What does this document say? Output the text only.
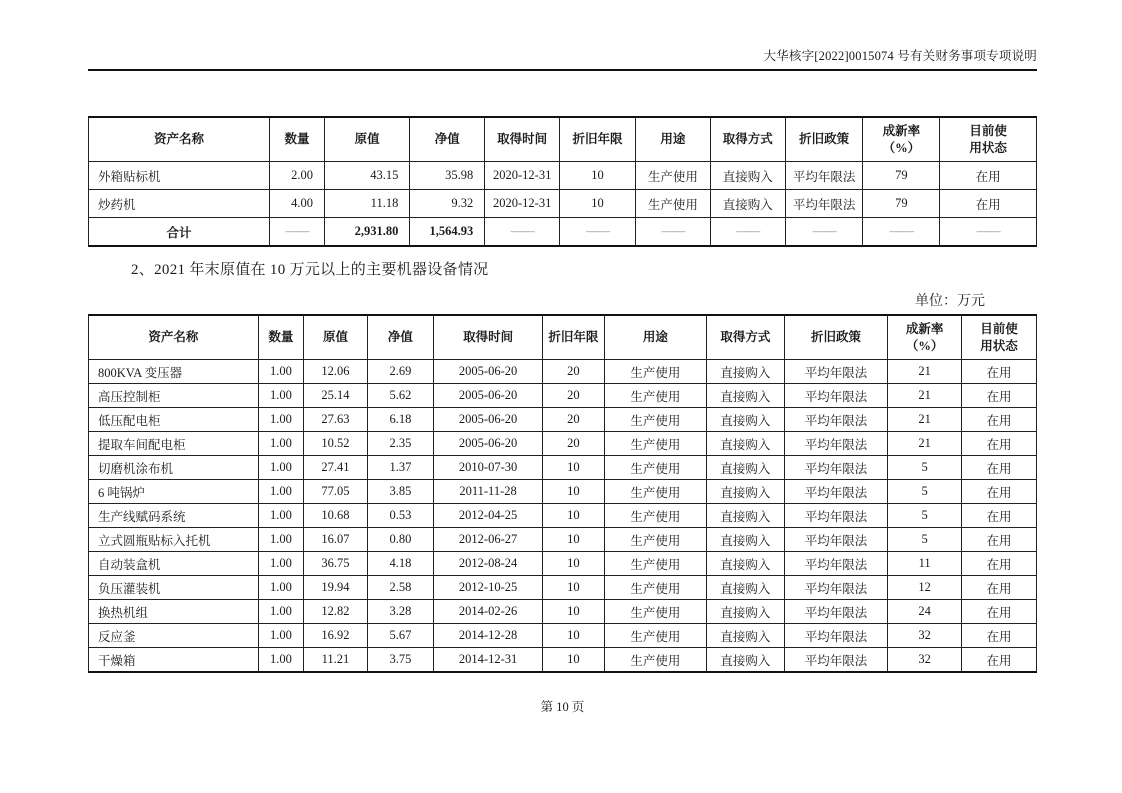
大华核字[2022]0015074 号有关财务事项专项说明
资产名称	数量	原值	净值	取得时间	折旧年限	用途	取得方式	折旧政策	成新率（%）	目前使用状态
外箱贴标机	2.00	43.15	35.98	2020-12-31	10	生产使用	直接购入	平均年限法	79	在用
炒药机	4.00	11.18	9.32	2020-12-31	10	生产使用	直接购入	平均年限法	79	在用
合计	——	2,931.80	1,564.93	——	——	——	——	——	——	——
2、2021 年末原值在 10 万元以上的主要机器设备情况
单位：万元
资产名称	数量	原值	净值	取得时间	折旧年限	用途	取得方式	折旧政策	成新率（%）	目前使用状态
800KVA 变压器	1.00	12.06	2.69	2005-06-20	20	生产使用	直接购入	平均年限法	21	在用
高压控制柜	1.00	25.14	5.62	2005-06-20	20	生产使用	直接购入	平均年限法	21	在用
低压配电柜	1.00	27.63	6.18	2005-06-20	20	生产使用	直接购入	平均年限法	21	在用
提取车间配电柜	1.00	10.52	2.35	2005-06-20	20	生产使用	直接购入	平均年限法	21	在用
切磨机涂布机	1.00	27.41	1.37	2010-07-30	10	生产使用	直接购入	平均年限法	5	在用
6 吨锅炉	1.00	77.05	3.85	2011-11-28	10	生产使用	直接购入	平均年限法	5	在用
生产线赋码系统	1.00	10.68	0.53	2012-04-25	10	生产使用	直接购入	平均年限法	5	在用
立式圆瓶贴标入托机	1.00	16.07	0.80	2012-06-27	10	生产使用	直接购入	平均年限法	5	在用
自动装盒机	1.00	36.75	4.18	2012-08-24	10	生产使用	直接购入	平均年限法	11	在用
负压灌装机	1.00	19.94	2.58	2012-10-25	10	生产使用	直接购入	平均年限法	12	在用
换热机组	1.00	12.82	3.28	2014-02-26	10	生产使用	直接购入	平均年限法	24	在用
反应釜	1.00	16.92	5.67	2014-12-28	10	生产使用	直接购入	平均年限法	32	在用
干燥箱	1.00	11.21	3.75	2014-12-31	10	生产使用	直接购入	平均年限法	32	在用
第 10 页
